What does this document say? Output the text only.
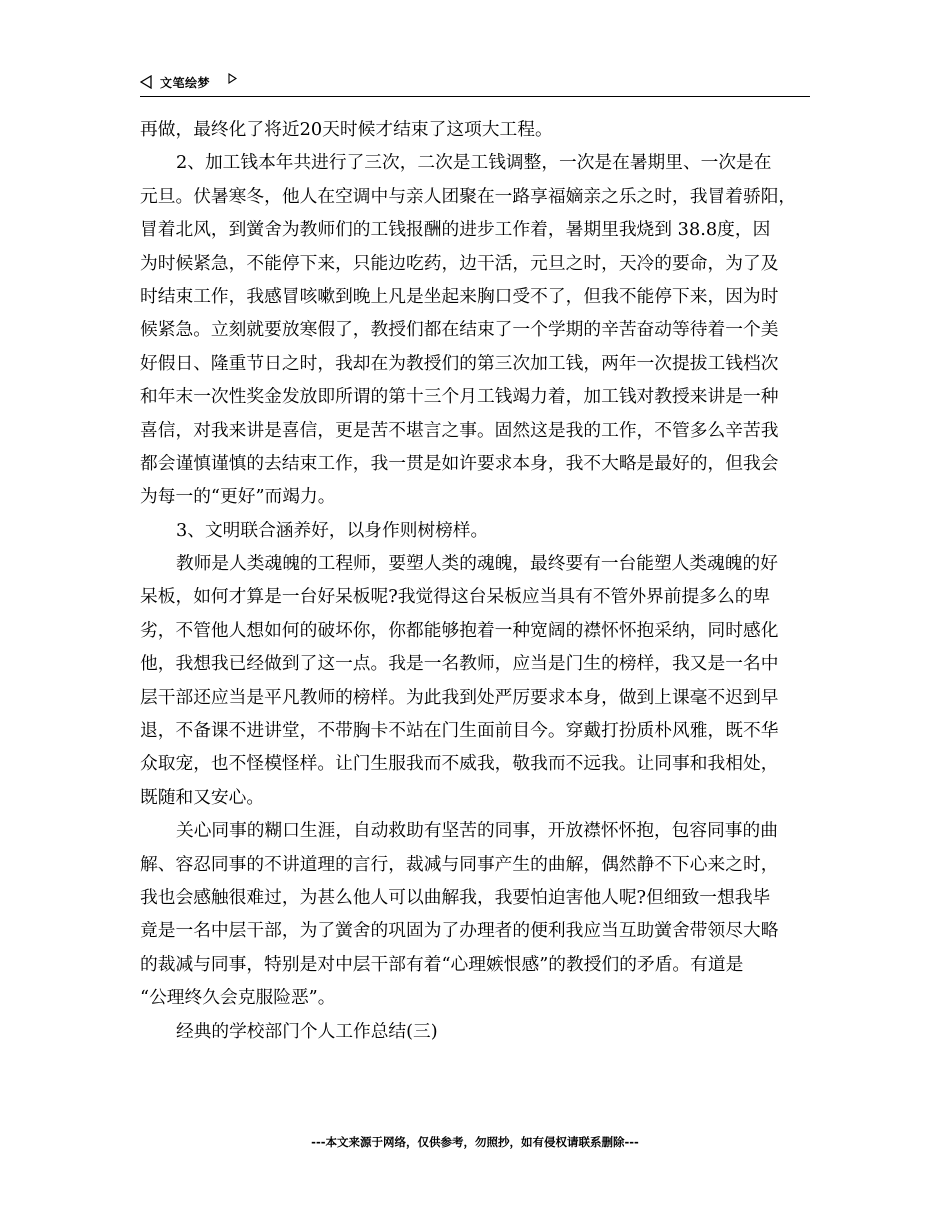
文笔绘梦
再做，最终化了将近20天时候才结束了这项大工程。
2、加工钱本年共进行了三次，二次是工钱调整，一次是在暑期里、一次是在
元旦。伏暑寒冬，他人在空调中与亲人团聚在一路享福嫡亲之乐之时，我冒着骄阳，
冒着北风，到黉舍为教师们的工钱报酬的进步工作着，暑期里我烧到 38.8度，因
为时候紧急，不能停下来，只能边吃药，边干活，元旦之时，天冷的要命，为了及
时结束工作，我感冒咳嗽到晚上凡是坐起来胸口受不了，但我不能停下来，因为时
候紧急。立刻就要放寒假了，教授们都在结束了一个学期的辛苦奋动等待着一个美
好假日、隆重节日之时，我却在为教授们的第三次加工钱，两年一次提拔工钱档次
和年末一次性奖金发放即所谓的第十三个月工钱竭力着，加工钱对教授来讲是一种
喜信，对我来讲是喜信，更是苦不堪言之事。固然这是我的工作，不管多么辛苦我
都会谨慎谨慎的去结束工作，我一贯是如许要求本身，我不大略是最好的，但我会
为每一的“更好”而竭力。
3、文明联合涵养好，以身作则树榜样。
教师是人类魂魄的工程师，要塑人类的魂魄，最终要有一台能塑人类魂魄的好
呆板，如何才算是一台好呆板呢?我觉得这台呆板应当具有不管外界前提多么的卑
劣，不管他人想如何的破坏你，你都能够抱着一种宽阔的襟怀怀抱采纳，同时感化
他，我想我已经做到了这一点。我是一名教师，应当是门生的榜样，我又是一名中
层干部还应当是平凡教师的榜样。为此我到处严厉要求本身，做到上课毫不迟到早
退，不备课不进讲堂，不带胸卡不站在门生面前目今。穿戴打扮质朴风雅，既不华
众取宠，也不怪模怪样。让门生服我而不威我，敬我而不远我。让同事和我相处，
既随和又安心。
关心同事的糊口生涯，自动救助有坚苦的同事，开放襟怀怀抱，包容同事的曲
解、容忍同事的不讲道理的言行，裁减与同事产生的曲解，偶然静不下心来之时，
我也会感触很难过，为甚么他人可以曲解我，我要怕迫害他人呢?但细致一想我毕
竟是一名中层干部，为了黉舍的巩固为了办理者的便利我应当互助黉舍带领尽大略
的裁减与同事，特别是对中层干部有着“心理嫉恨感”的教授们的矛盾。有道是
“公理终久会克服险恶”。
经典的学校部门个人工作总结(三)
---本文来源于网络，仅供参考，勿照抄，如有侵权请联系删除---
